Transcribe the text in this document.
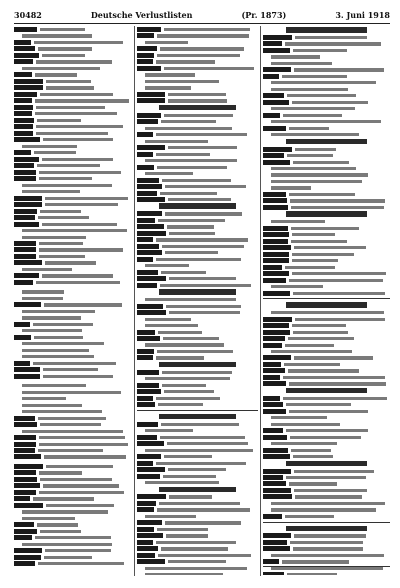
30482	Deutsche Verlustlisten	(Pr. 1873)	3. Juni 1918
